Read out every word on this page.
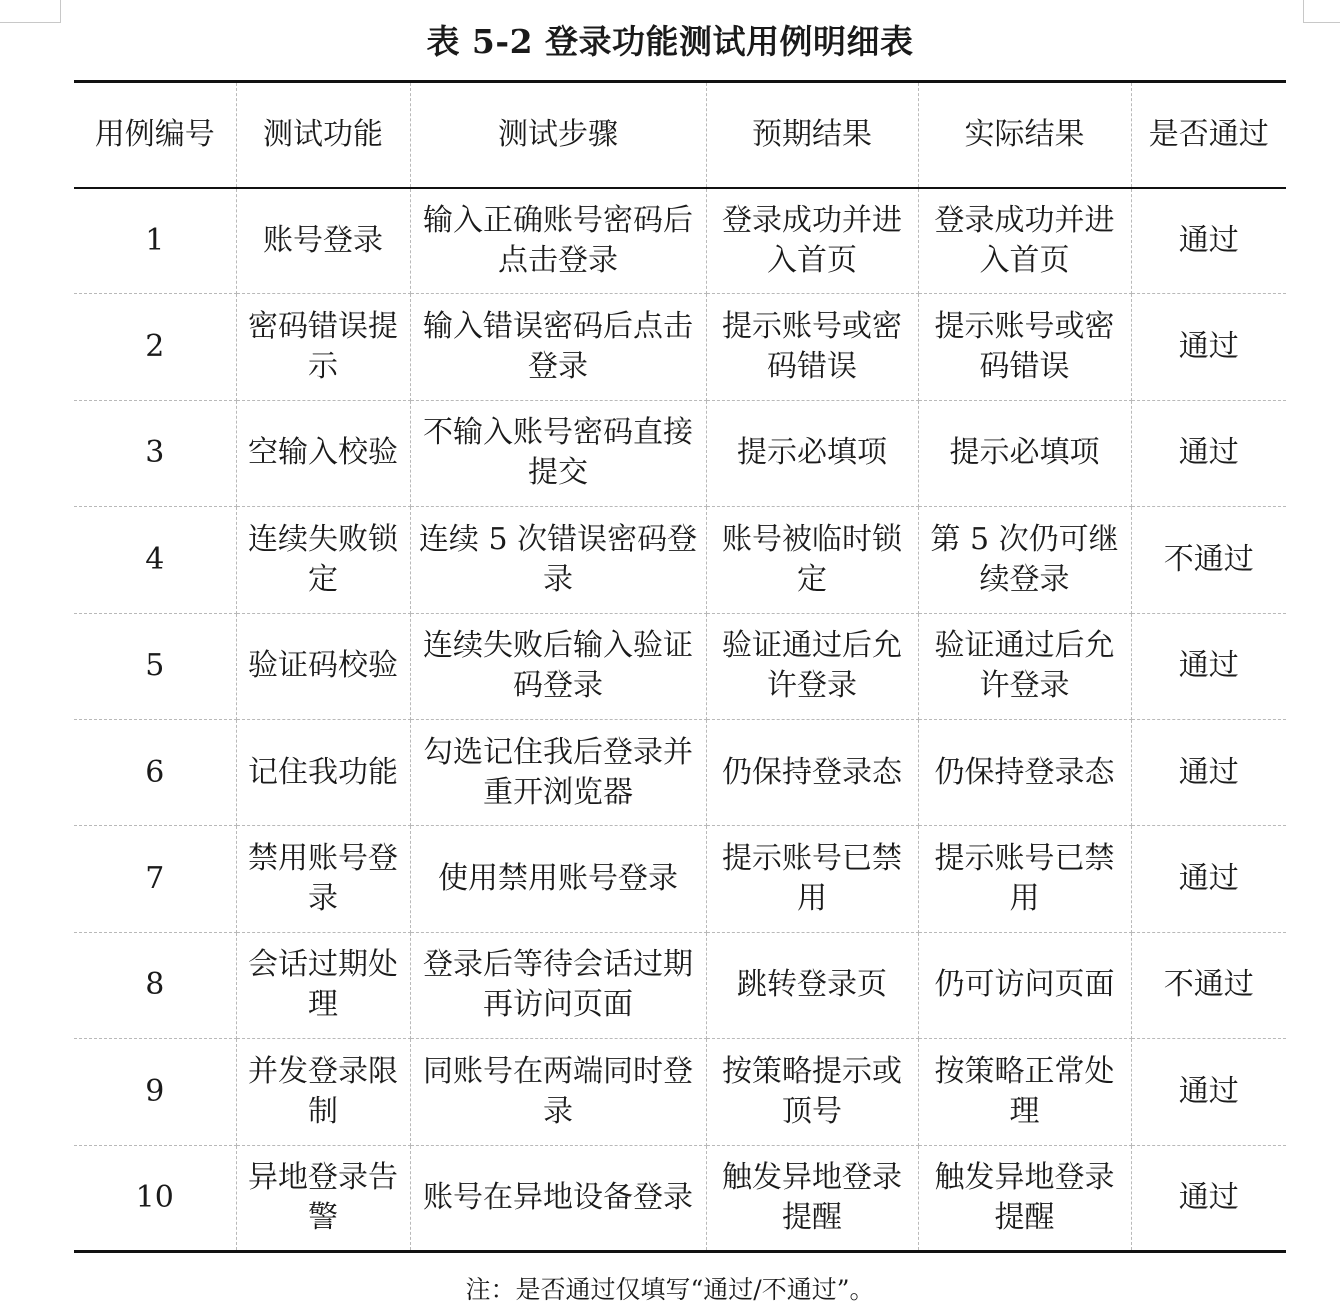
表 5-2 登录功能测试用例明细表
用例编号	测试功能	测试步骤	预期结果	实际结果	是否通过
1	账号登录	输入正确账号密码后点击登录	登录成功并进入首页	登录成功并进入首页	通过
2	密码错误提示	输入错误密码后点击登录	提示账号或密码错误	提示账号或密码错误	通过
3	空输入校验	不输入账号密码直接提交	提示必填项	提示必填项	通过
4	连续失败锁定	连续 5 次错误密码登录	账号被临时锁定	第 5 次仍可继续登录	不通过
5	验证码校验	连续失败后输入验证码登录	验证通过后允许登录	验证通过后允许登录	通过
6	记住我功能	勾选记住我后登录并重开浏览器	仍保持登录态	仍保持登录态	通过
7	禁用账号登录	使用禁用账号登录	提示账号已禁用	提示账号已禁用	通过
8	会话过期处理	登录后等待会话过期再访问页面	跳转登录页	仍可访问页面	不通过
9	并发登录限制	同账号在两端同时登录	按策略提示或顶号	按策略正常处理	通过
10	异地登录告警	账号在异地设备登录	触发异地登录提醒	触发异地登录提醒	通过
注：是否通过仅填写“通过/不通过”。
